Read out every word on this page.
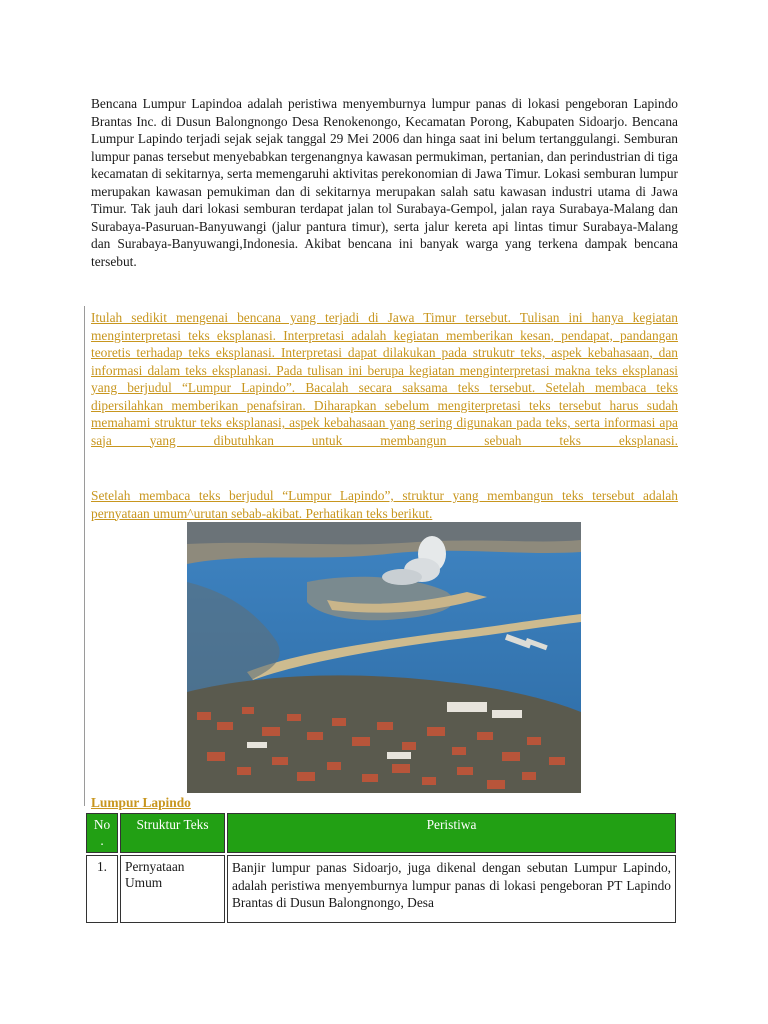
Bencana Lumpur Lapindoa adalah peristiwa menyemburnya lumpur panas di lokasi pengeboran Lapindo Brantas Inc. di Dusun Balongnongo Desa Renokenongo, Kecamatan Porong, Kabupaten Sidoarjo. Bencana Lumpur Lapindo terjadi sejak sejak tanggal 29 Mei 2006 dan hinga saat ini belum tertanggulangi. Semburan lumpur panas tersebut menyebabkan tergenangnya kawasan permukiman, pertanian, dan perindustrian di tiga kecamatan di sekitarnya, serta memengaruhi aktivitas perekonomian di Jawa Timur. Lokasi semburan lumpur merupakan kawasan pemukiman dan di sekitarnya merupakan salah satu kawasan industri utama di Jawa Timur. Tak jauh dari lokasi semburan terdapat jalan tol Surabaya-Gempol, jalan raya Surabaya-Malang dan Surabaya-Pasuruan-Banyuwangi (jalur pantura timur), serta jalur kereta api lintas timur Surabaya-Malang dan Surabaya-Banyuwangi,Indonesia. Akibat bencana ini banyak warga yang terkena dampak bencana tersebut.

Itulah sedikit mengenai bencana yang terjadi di Jawa Timur tersebut. Tulisan ini hanya kegiatan menginterpretasi teks eksplanasi. Interpretasi adalah kegiatan memberikan kesan, pendapat, pandangan teoretis terhadap teks eksplanasi. Interpretasi dapat dilakukan pada strukutr teks, aspek kebahasaan, dan informasi dalam teks eksplanasi. Pada tulisan ini berupa kegiatan menginterpretasi makna teks eksplanasi yang berjudul “Lumpur Lapindo”. Bacalah secara saksama teks tersebut. Setelah membaca teks dipersilahkan memberikan penafsiran. Diharapkan sebelum mengiterpretasi teks tersebut harus sudah memahami struktur teks eksplanasi, aspek kebahasaan yang sering digunakan pada teks, serta informasi apa saja yang dibutuhkan untuk membangun sebuah teks eksplanasi.

Setelah membaca teks berjudul “Lumpur Lapindo”, struktur yang membangun teks tersebut adalah pernyataan umum^urutan sebab-akibat. Perhatikan teks berikut.

Lumpur Lapindo

No .	Struktur Teks	Peristiwa
1.	Pernyataan Umum	Banjir lumpur panas Sidoarjo, juga dikenal dengan sebutan Lumpur Lapindo, adalah peristiwa menyemburnya lumpur panas di lokasi pengeboran PT Lapindo Brantas di Dusun Balongnongo, Desa
